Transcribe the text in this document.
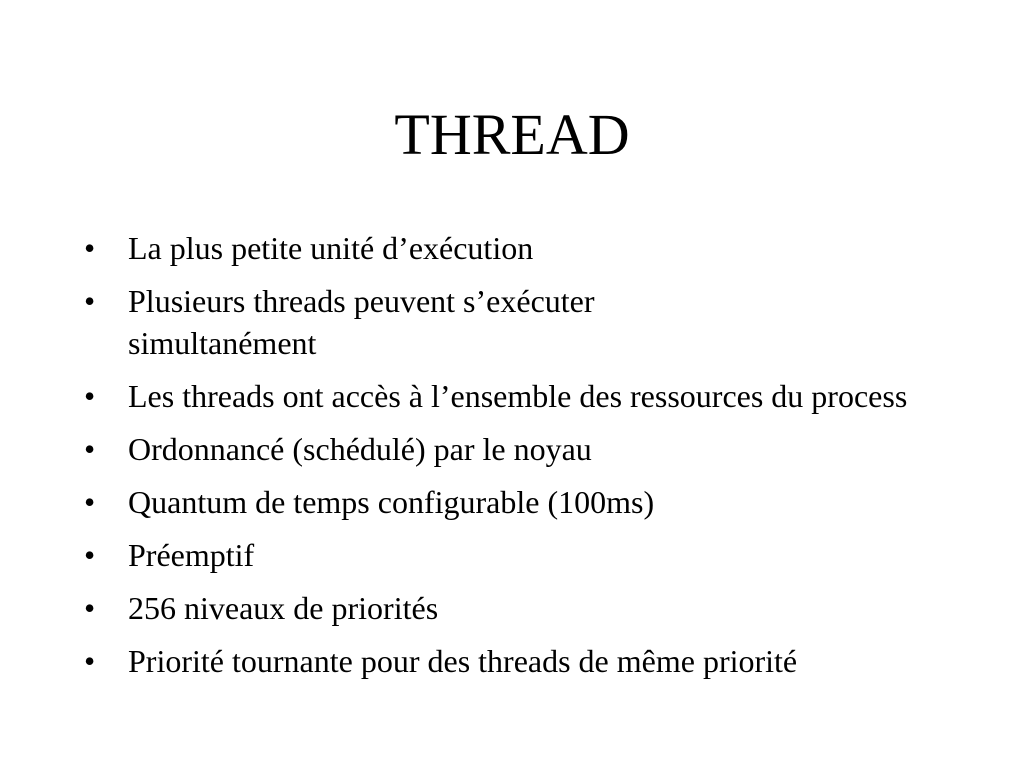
THREAD
•	La plus petite unité d’exécution
•	Plusieurs threads peuvent s’exécuter simultanément
•	Les threads ont accès à l’ensemble des ressources du process
•	Ordonnancé (schédulé) par le noyau
•	Quantum de temps configurable (100ms)
•	Préemptif
•	256 niveaux de priorités
•	Priorité tournante pour des threads de même priorité
